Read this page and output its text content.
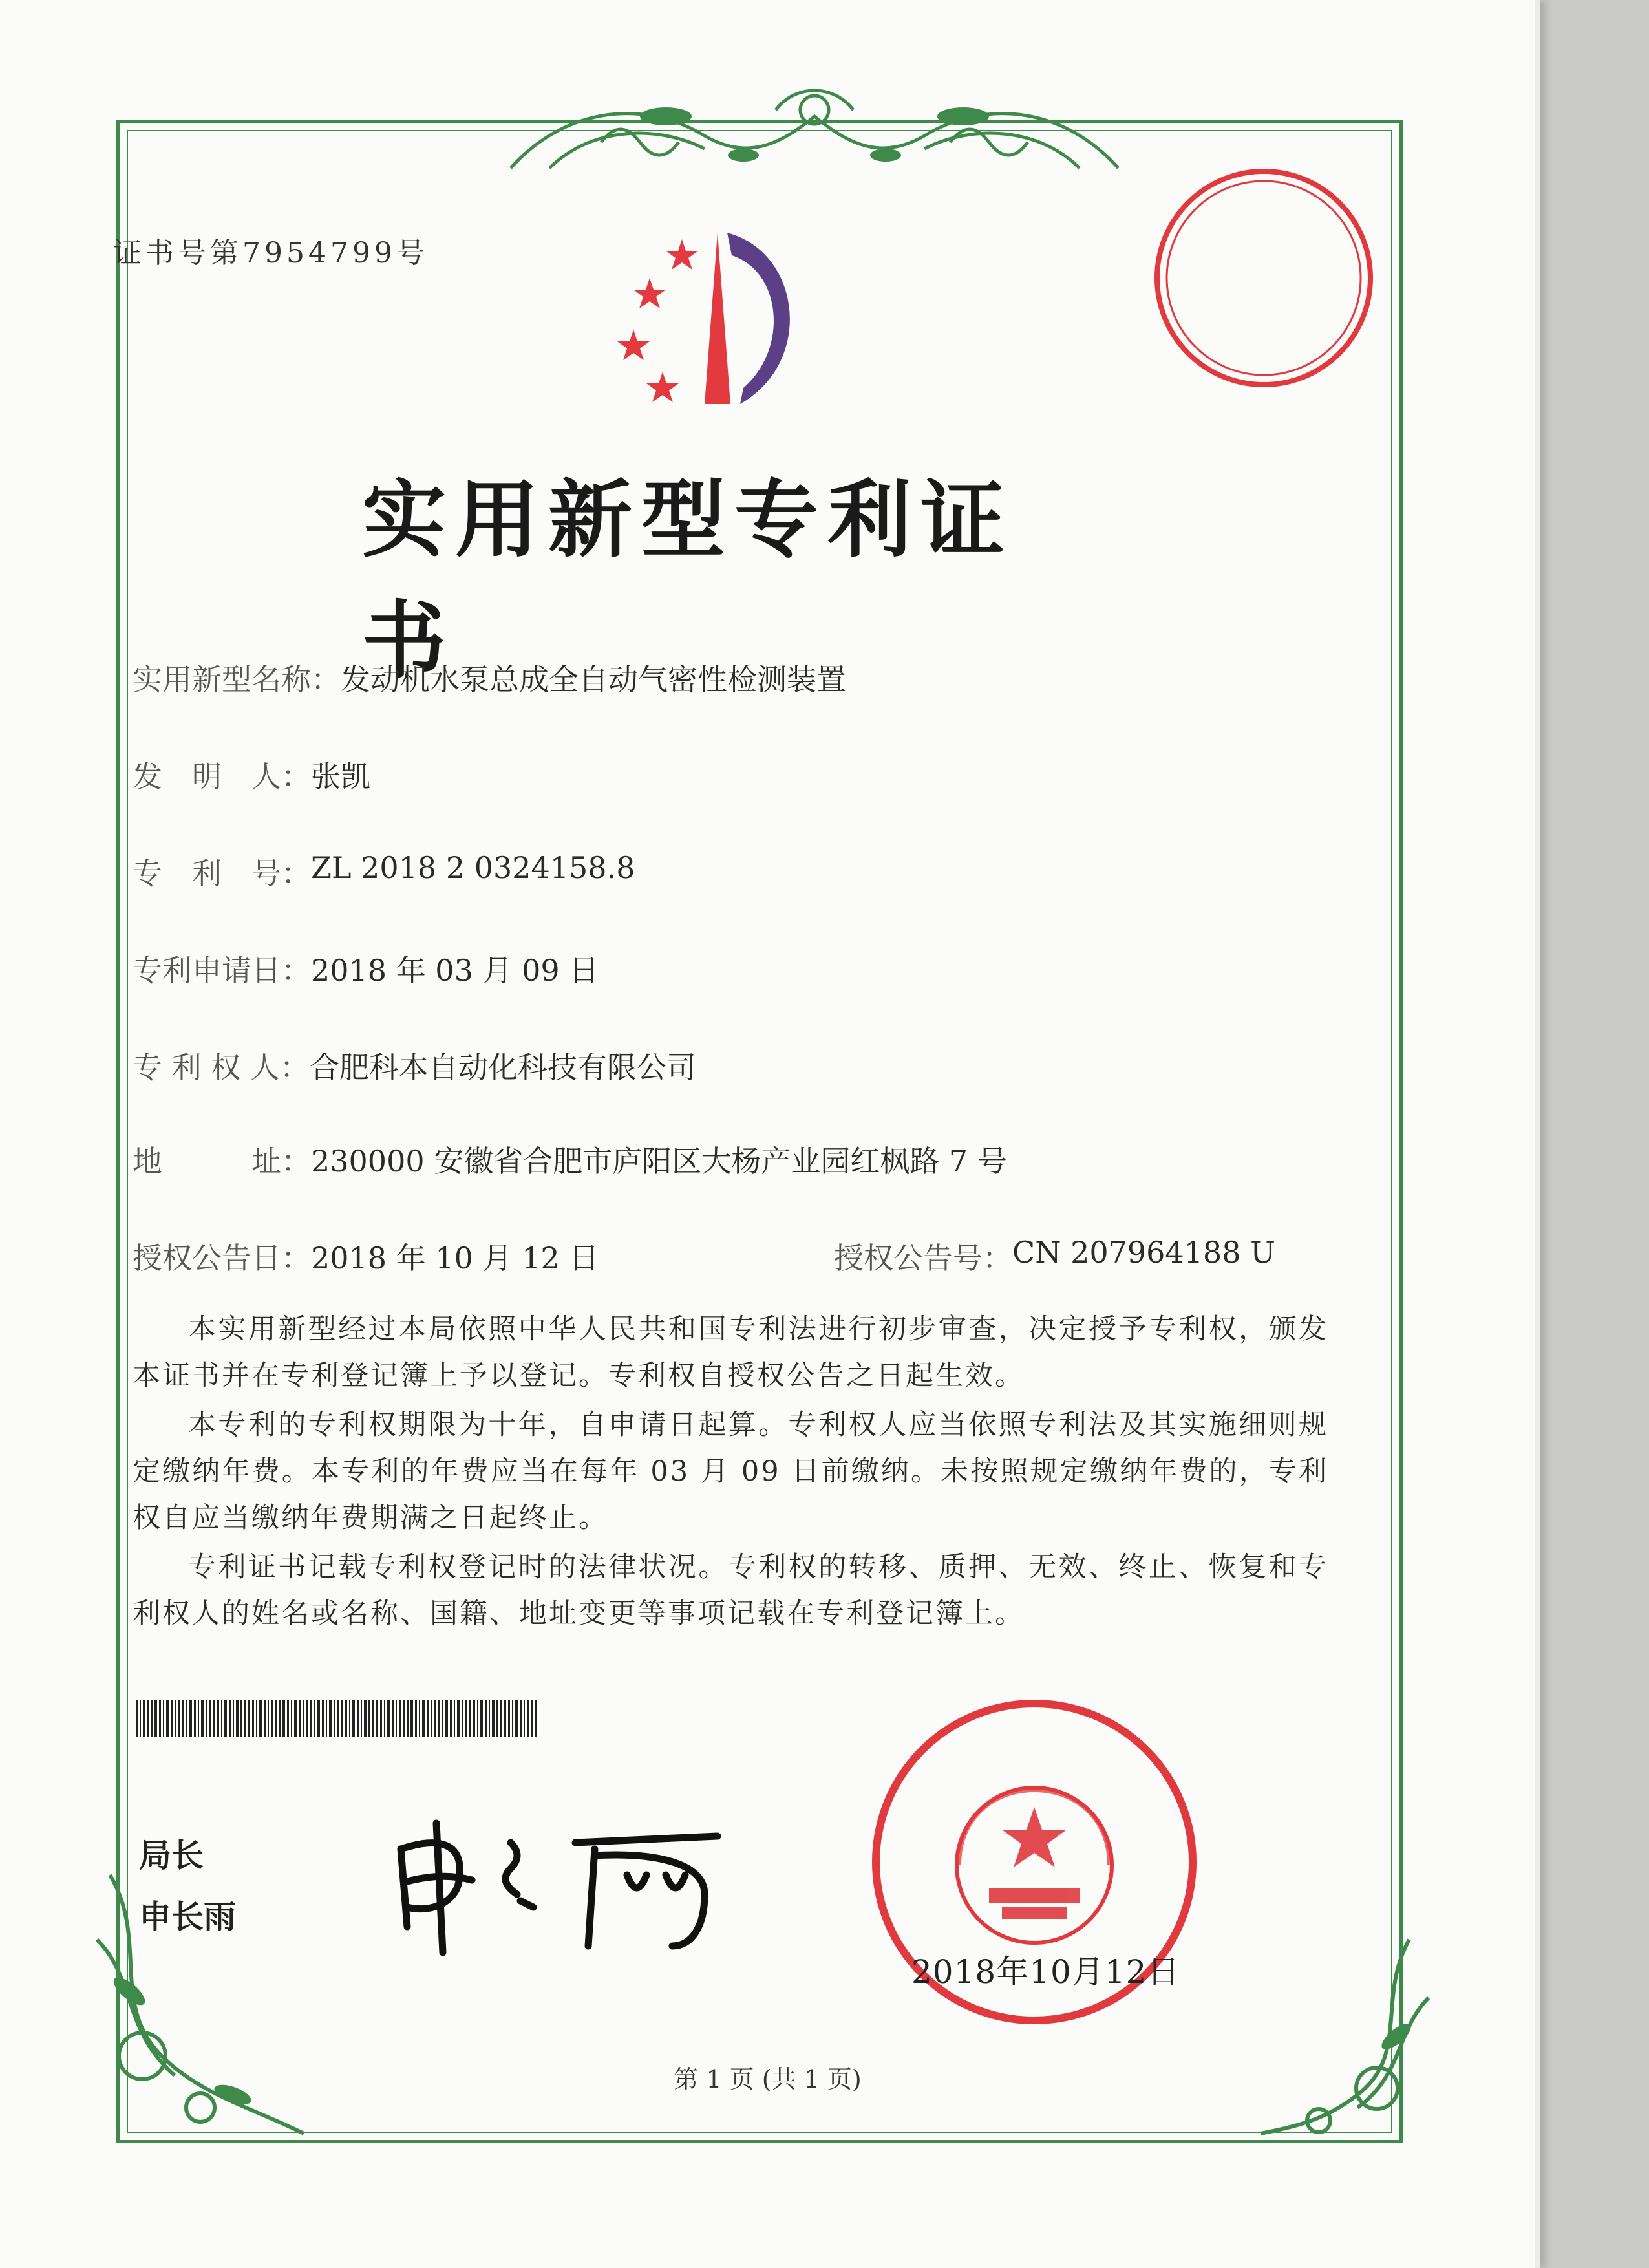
证书号第7954799号
实用新型专利证书
实用新型名称： 发动机水泵总成全自动气密性检测装置
发　明　人： 张凯
专　利　号： ZL 2018 2 0324158.8
专利申请日： 2018 年 03 月 09 日
专 利 权 人： 合肥科本自动化科技有限公司
地　　　址： 230000 安徽省合肥市庐阳区大杨产业园红枫路 7 号
授权公告日： 2018 年 10 月 12 日	授权公告号： CN 207964188 U

本实用新型经过本局依照中华人民共和国专利法进行初步审查，决定授予专利权，颁发本证书并在专利登记簿上予以登记。专利权自授权公告之日起生效。

本专利的专利权期限为十年，自申请日起算。专利权人应当依照专利法及其实施细则规定缴纳年费。本专利的年费应当在每年 03 月 09 日前缴纳。未按照规定缴纳年费的，专利权自应当缴纳年费期满之日起终止。

专利证书记载专利权登记时的法律状况。专利权的转移、质押、无效、终止、恢复和专利权人的姓名或名称、国籍、地址变更等事项记载在专利登记簿上。

局长
申长雨
2018年10月12日
第 1 页 (共 1 页)
